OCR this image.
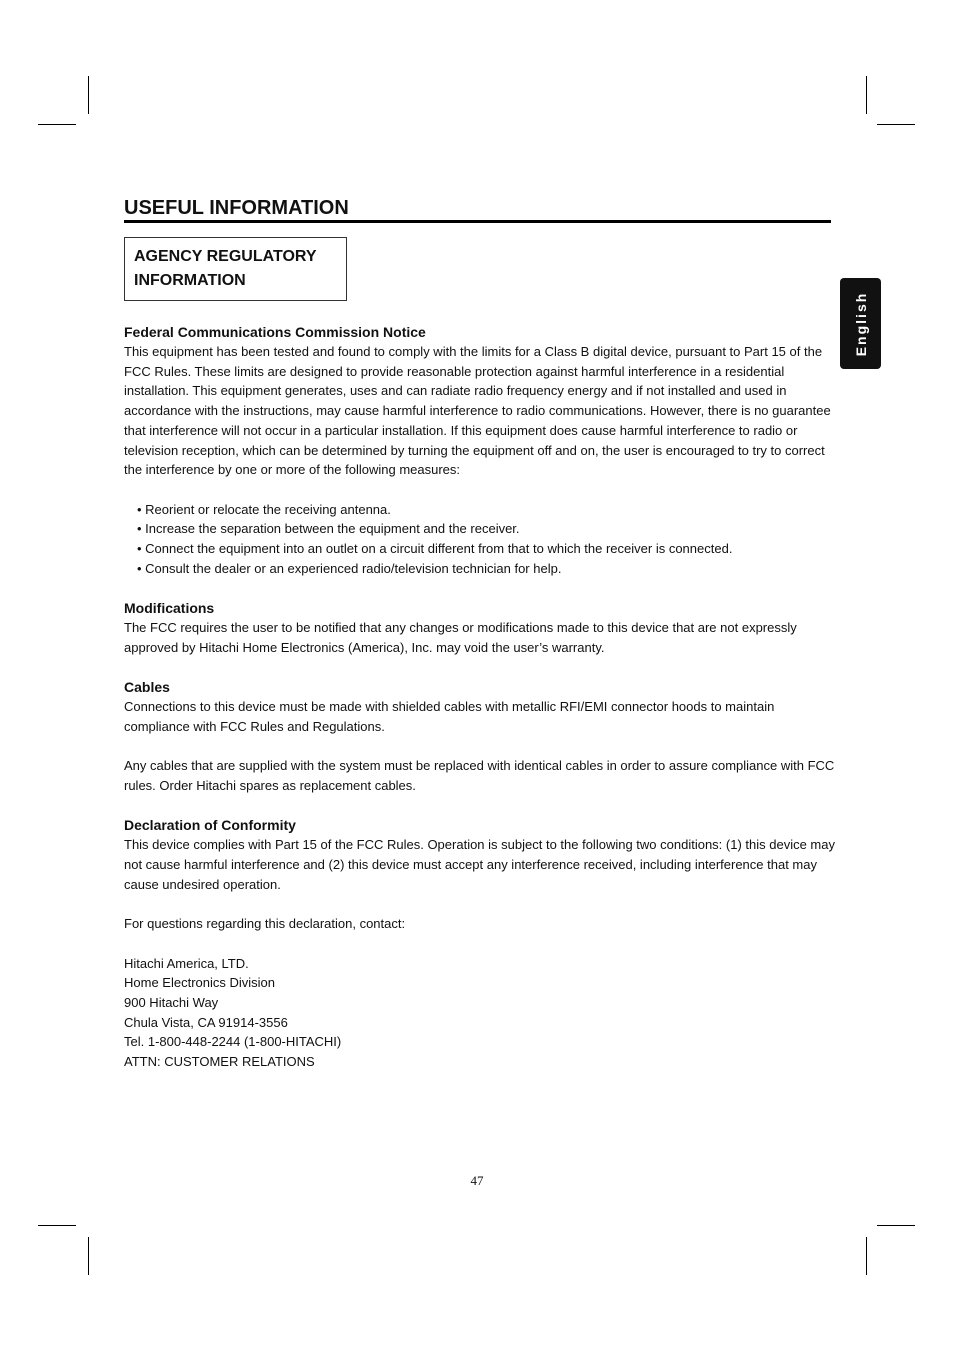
USEFUL INFORMATION
AGENCY REGULATORY
INFORMATION
English

Federal Communications Commission Notice

This equipment has been tested and found to comply with the limits for a Class B digital device, pursuant to Part 15 of the FCC Rules. These limits are designed to provide reasonable protection against harmful interference in a residential installation. This equipment generates, uses and can radiate radio frequency energy and if not installed and used in accordance with the instructions, may cause harmful interference to radio communications. However, there is no guarantee that interference will not occur in a particular installation. If this equipment does cause harmful interference to radio or television reception, which can be determined by turning the equipment off and on, the user is encouraged to try to correct the interference by one or more of the following measures:

• Reorient or relocate the receiving antenna.
• Increase the separation between the equipment and the receiver.
• Connect the equipment into an outlet on a circuit different from that to which the receiver is connected.
• Consult the dealer or an experienced radio/television technician for help.

Modifications

The FCC requires the user to be notified that any changes or modifications made to this device that are not expressly approved by Hitachi Home Electronics (America), Inc. may void the user’s warranty.

Cables

Connections to this device must be made with shielded cables with metallic RFI/EMI connector hoods to maintain compliance with FCC Rules and Regulations.

Any cables that are supplied with the system must be replaced with identical cables in order to assure compliance with FCC rules. Order Hitachi spares as replacement cables.

Declaration of Conformity

This device complies with Part 15 of the FCC Rules. Operation is subject to the following two conditions: (1) this device may not cause harmful interference and (2) this device must accept any interference received, including interference that may cause undesired operation.

For questions regarding this declaration, contact:

Hitachi America, LTD.
Home Electronics Division
900 Hitachi Way
Chula Vista, CA 91914-3556
Tel. 1-800-448-2244 (1-800-HITACHI)
ATTN: CUSTOMER RELATIONS
47
